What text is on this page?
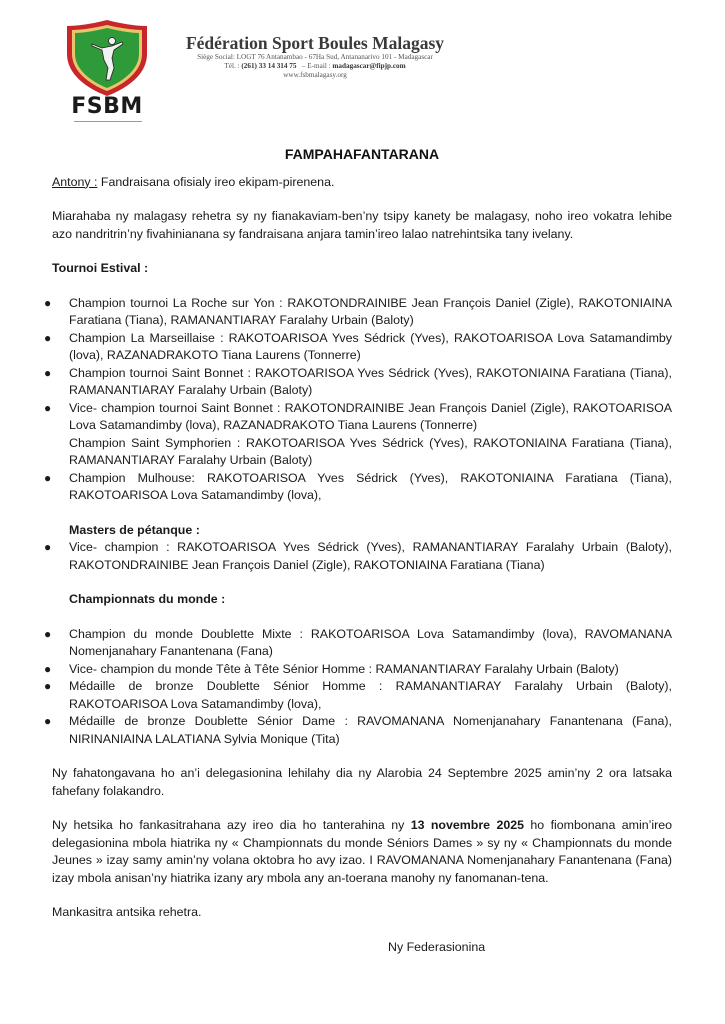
FSBM
Fédération Sport Boules Malagasy
Siège Social: LOGT 76 Antanambao - 67Ha Sud, Antananarivo 101 - Madagascar
Tél. : (261) 33 14 314 75 – E-mail : madagascar@fipjp.com
www.fsbmalagasy.org
FAMPAHAFANTARANA

Antony : Fandraisana ofisialy ireo ekipam-pirenena.

Miarahaba ny malagasy rehetra sy ny fianakaviam-ben’ny tsipy kanety be malagasy, noho ireo vokatra lehibe azo nandritrin’ny fivahinianana sy fandraisana anjara tamin’ireo lalao natrehintsika tany ivelany.

Tournoi Estival :

● Champion tournoi La Roche sur Yon : RAKOTONDRAINIBE Jean François Daniel (Zigle), RAKOTONIAINA Faratiana (Tiana), RAMANANTIARAY Faralahy Urbain (Baloty)
● Champion La Marseillaise : RAKOTOARISOA Yves Sédrick (Yves), RAKOTOARISOA Lova Satamandimby (lova), RAZANADRAKOTO Tiana Laurens (Tonnerre)
● Champion tournoi Saint Bonnet : RAKOTOARISOA Yves Sédrick (Yves), RAKOTONIAINA Faratiana (Tiana), RAMANANTIARAY Faralahy Urbain (Baloty)
● Vice- champion tournoi Saint Bonnet : RAKOTONDRAINIBE Jean François Daniel (Zigle), RAKOTOARISOA Lova Satamandimby (lova), RAZANADRAKOTO Tiana Laurens (Tonnerre)
Champion Saint Symphorien : RAKOTOARISOA Yves Sédrick (Yves), RAKOTONIAINA Faratiana (Tiana), RAMANANTIARAY Faralahy Urbain (Baloty)
● Champion Mulhouse: RAKOTOARISOA Yves Sédrick (Yves), RAKOTONIAINA Faratiana (Tiana), RAKOTOARISOA Lova Satamandimby (lova),

Masters de pétanque :

● Vice- champion : RAKOTOARISOA Yves Sédrick (Yves), RAMANANTIARAY Faralahy Urbain (Baloty), RAKOTONDRAINIBE Jean François Daniel (Zigle), RAKOTONIAINA Faratiana (Tiana)

Championnats du monde :

● Champion du monde Doublette Mixte : RAKOTOARISOA Lova Satamandimby (lova), RAVOMANANA Nomenjanahary Fanantenana (Fana)
● Vice- champion du monde Tête à Tête Sénior Homme : RAMANANTIARAY Faralahy Urbain (Baloty)
● Médaille de bronze Doublette Sénior Homme : RAMANANTIARAY Faralahy Urbain (Baloty), RAKOTOARISOA Lova Satamandimby (lova),
● Médaille de bronze Doublette Sénior Dame : RAVOMANANA Nomenjanahary Fanantenana (Fana), NIRINANIAINA LALATIANA Sylvia Monique (Tita)

Ny fahatongavana ho an’i delegasionina lehilahy dia ny Alarobia 24 Septembre 2025 amin’ny 2 ora latsaka fahefany folakandro.

Ny hetsika ho fankasitrahana azy ireo dia ho tanterahina ny 13 novembre 2025 ho fiombonana amin’ireo delegasionina mbola hiatrika ny « Championnats du monde Séniors Dames » sy ny « Championnats du monde Jeunes » izay samy amin’ny volana oktobra ho avy izao. I RAVOMANANA Nomenjanahary Fanantenana (Fana) izay mbola anisan’ny hiatrika izany ary mbola any an-toerana manohy ny fanomanan-tena.

Mankasitra antsika rehetra.

Ny Federasionina
